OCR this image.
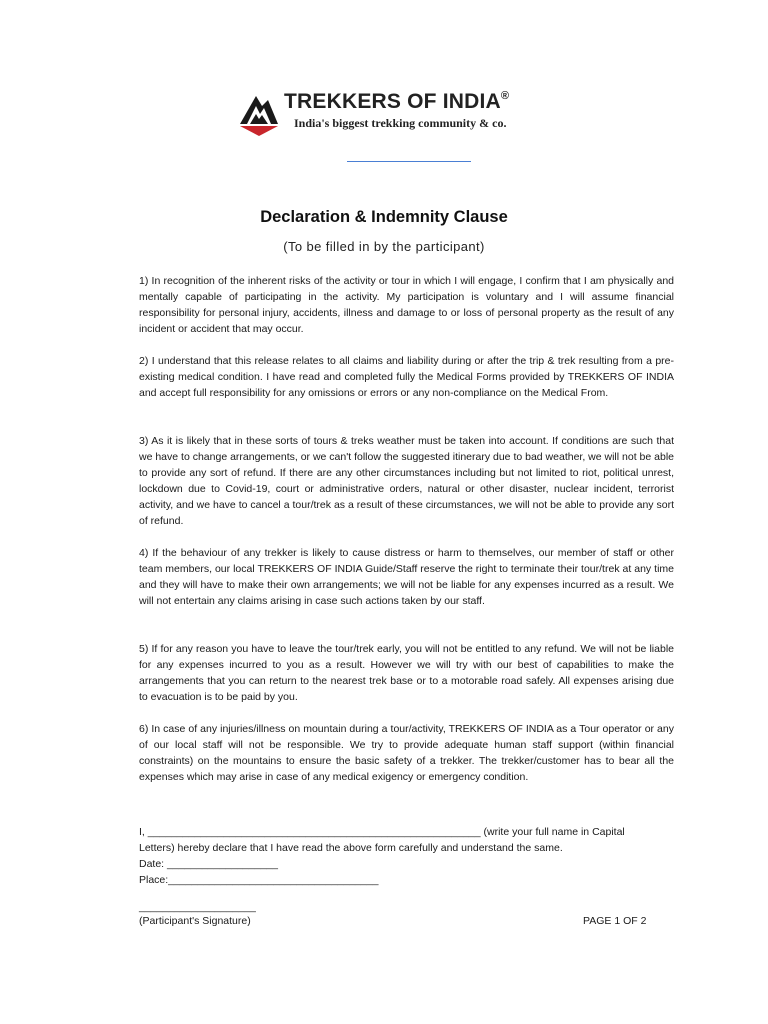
TREKKERS OF INDIA®
India's biggest trekking community & co.
Declaration & Indemnity Clause
(To be filled in by the participant)
1) In recognition of the inherent risks of the activity or tour in which I will engage, I confirm that I am physically and mentally capable of participating in the activity. My participation is voluntary and I will assume financial responsibility for personal injury, accidents, illness and damage to or loss of personal property as the result of any incident or accident that may occur.
2) I understand that this release relates to all claims and liability during or after the trip & trek resulting from a pre-existing medical condition. I have read and completed fully the Medical Forms provided by TREKKERS OF INDIA and accept full responsibility for any omissions or errors or any non-compliance on the Medical From.
3) As it is likely that in these sorts of tours & treks weather must be taken into account. If conditions are such that we have to change arrangements, or we can't follow the suggested itinerary due to bad weather, we will not be able to provide any sort of refund. If there are any other circumstances including but not limited to riot, political unrest, lockdown due to Covid-19, court or administrative orders, natural or other disaster, nuclear incident, terrorist activity, and we have to cancel a tour/trek as a result of these circumstances, we will not be able to provide any sort of refund.
4) If the behaviour of any trekker is likely to cause distress or harm to themselves, our member of staff or other team members, our local TREKKERS OF INDIA Guide/Staff reserve the right to terminate their tour/trek at any time and they will have to make their own arrangements; we will not be liable for any expenses incurred as a result. We will not entertain any claims arising in case such actions taken by our staff.
5) If for any reason you have to leave the tour/trek early, you will not be entitled to any refund. We will not be liable for any expenses incurred to you as a result. However we will try with our best of capabilities to make the arrangements that you can return to the nearest trek base or to a motorable road safely. All expenses arising due to evacuation is to be paid by you.
6) In case of any injuries/illness on mountain during a tour/activity, TREKKERS OF INDIA as a Tour operator or any of our local staff will not be responsible. We try to provide adequate human staff support (within financial constraints) on the mountains to ensure the basic safety of a trekker. The trekker/customer has to bear all the expenses which may arise in case of any medical exigency or emergency condition.
I, _________________________________________________________ (write your full name in Capital
Letters) hereby declare that I have read the above form carefully and understand the same.
Date: ___________________
Place:____________________________________
____________________
(Participant's Signature)	PAGE 1 OF 2
